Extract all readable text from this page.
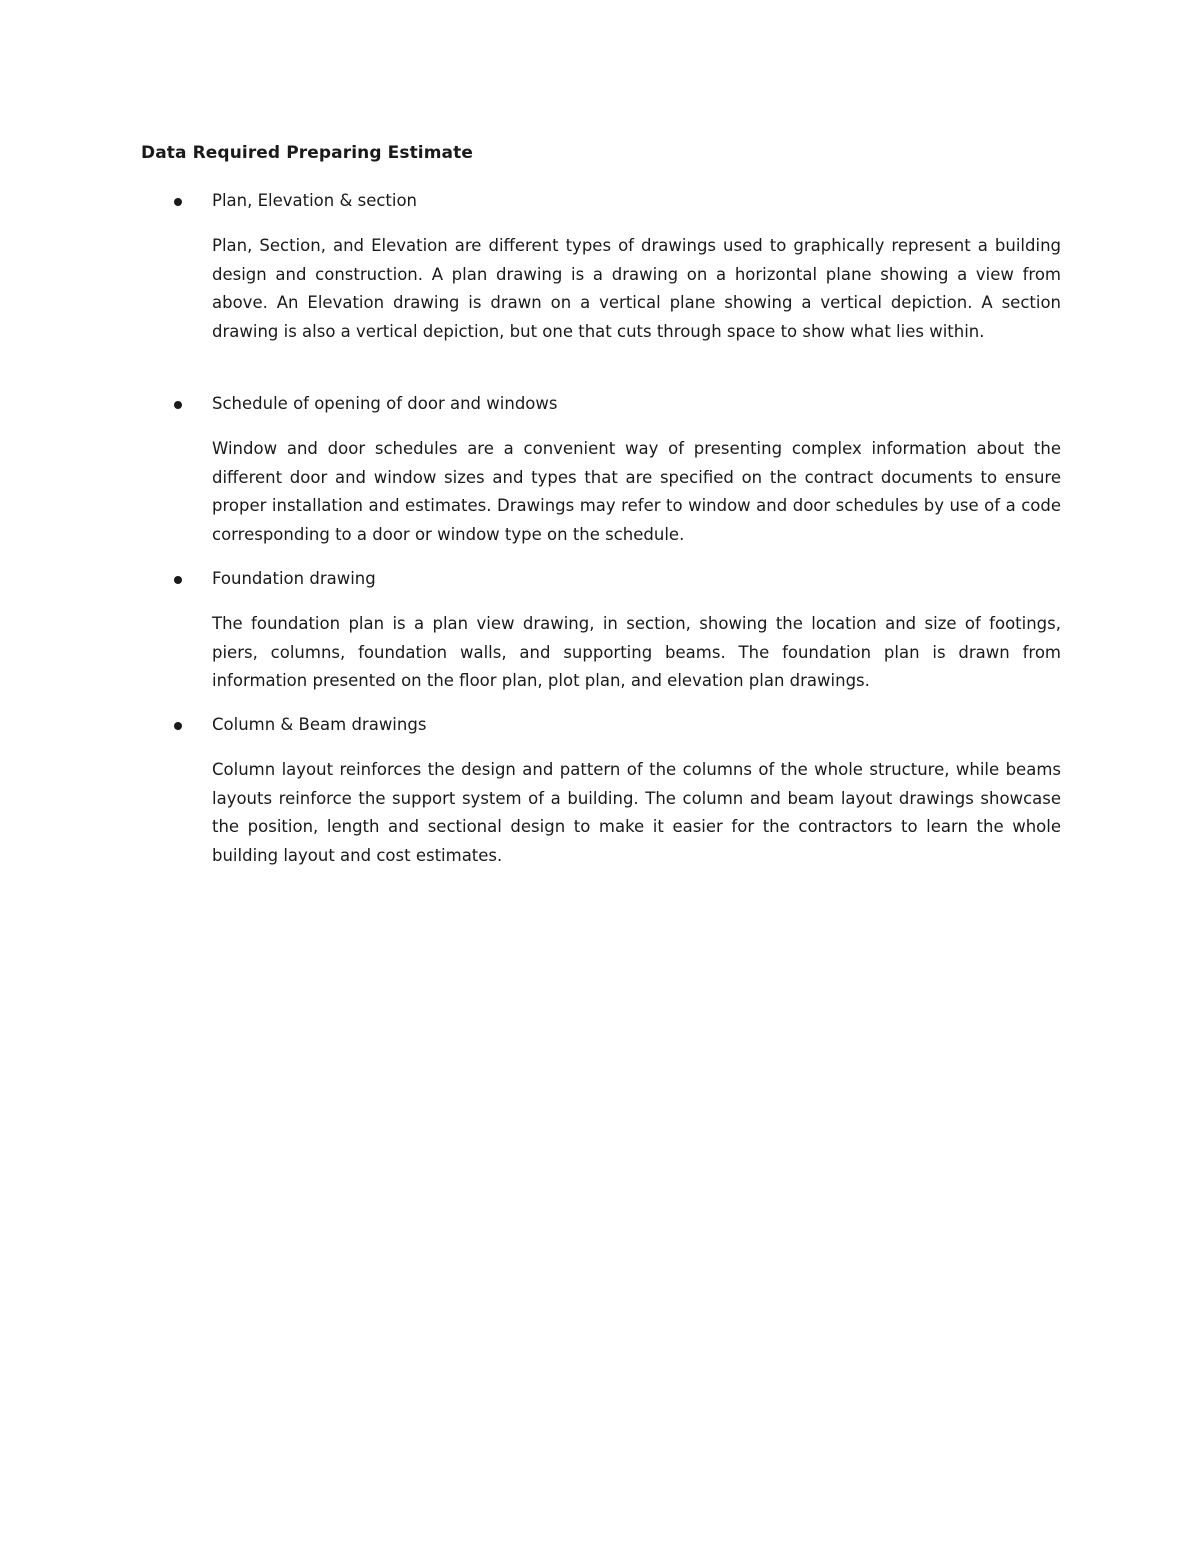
Data Required Preparing Estimate
Plan, Elevation & section

Plan, Section, and Elevation are different types of drawings used to graphically represent a building design and construction. A plan drawing is a drawing on a horizontal plane showing a view from above. An Elevation drawing is drawn on a vertical plane showing a vertical depiction. A section drawing is also a vertical depiction, but one that cuts through space to show what lies within.

Schedule of opening of door and windows

Window and door schedules are a convenient way of presenting complex information about the different door and window sizes and types that are specified on the contract documents to ensure proper installation and estimates. Drawings may refer to window and door schedules by use of a code corresponding to a door or window type on the schedule.

Foundation drawing

The foundation plan is a plan view drawing, in section, showing the location and size of footings, piers, columns, foundation walls, and supporting beams. The foundation plan is drawn from information presented on the floor plan, plot plan, and elevation plan drawings.

Column & Beam drawings

Column layout reinforces the design and pattern of the columns of the whole structure, while beams layouts reinforce the support system of a building. The column and beam layout drawings showcase the position, length and sectional design to make it easier for the contractors to learn the whole building layout and cost estimates.
